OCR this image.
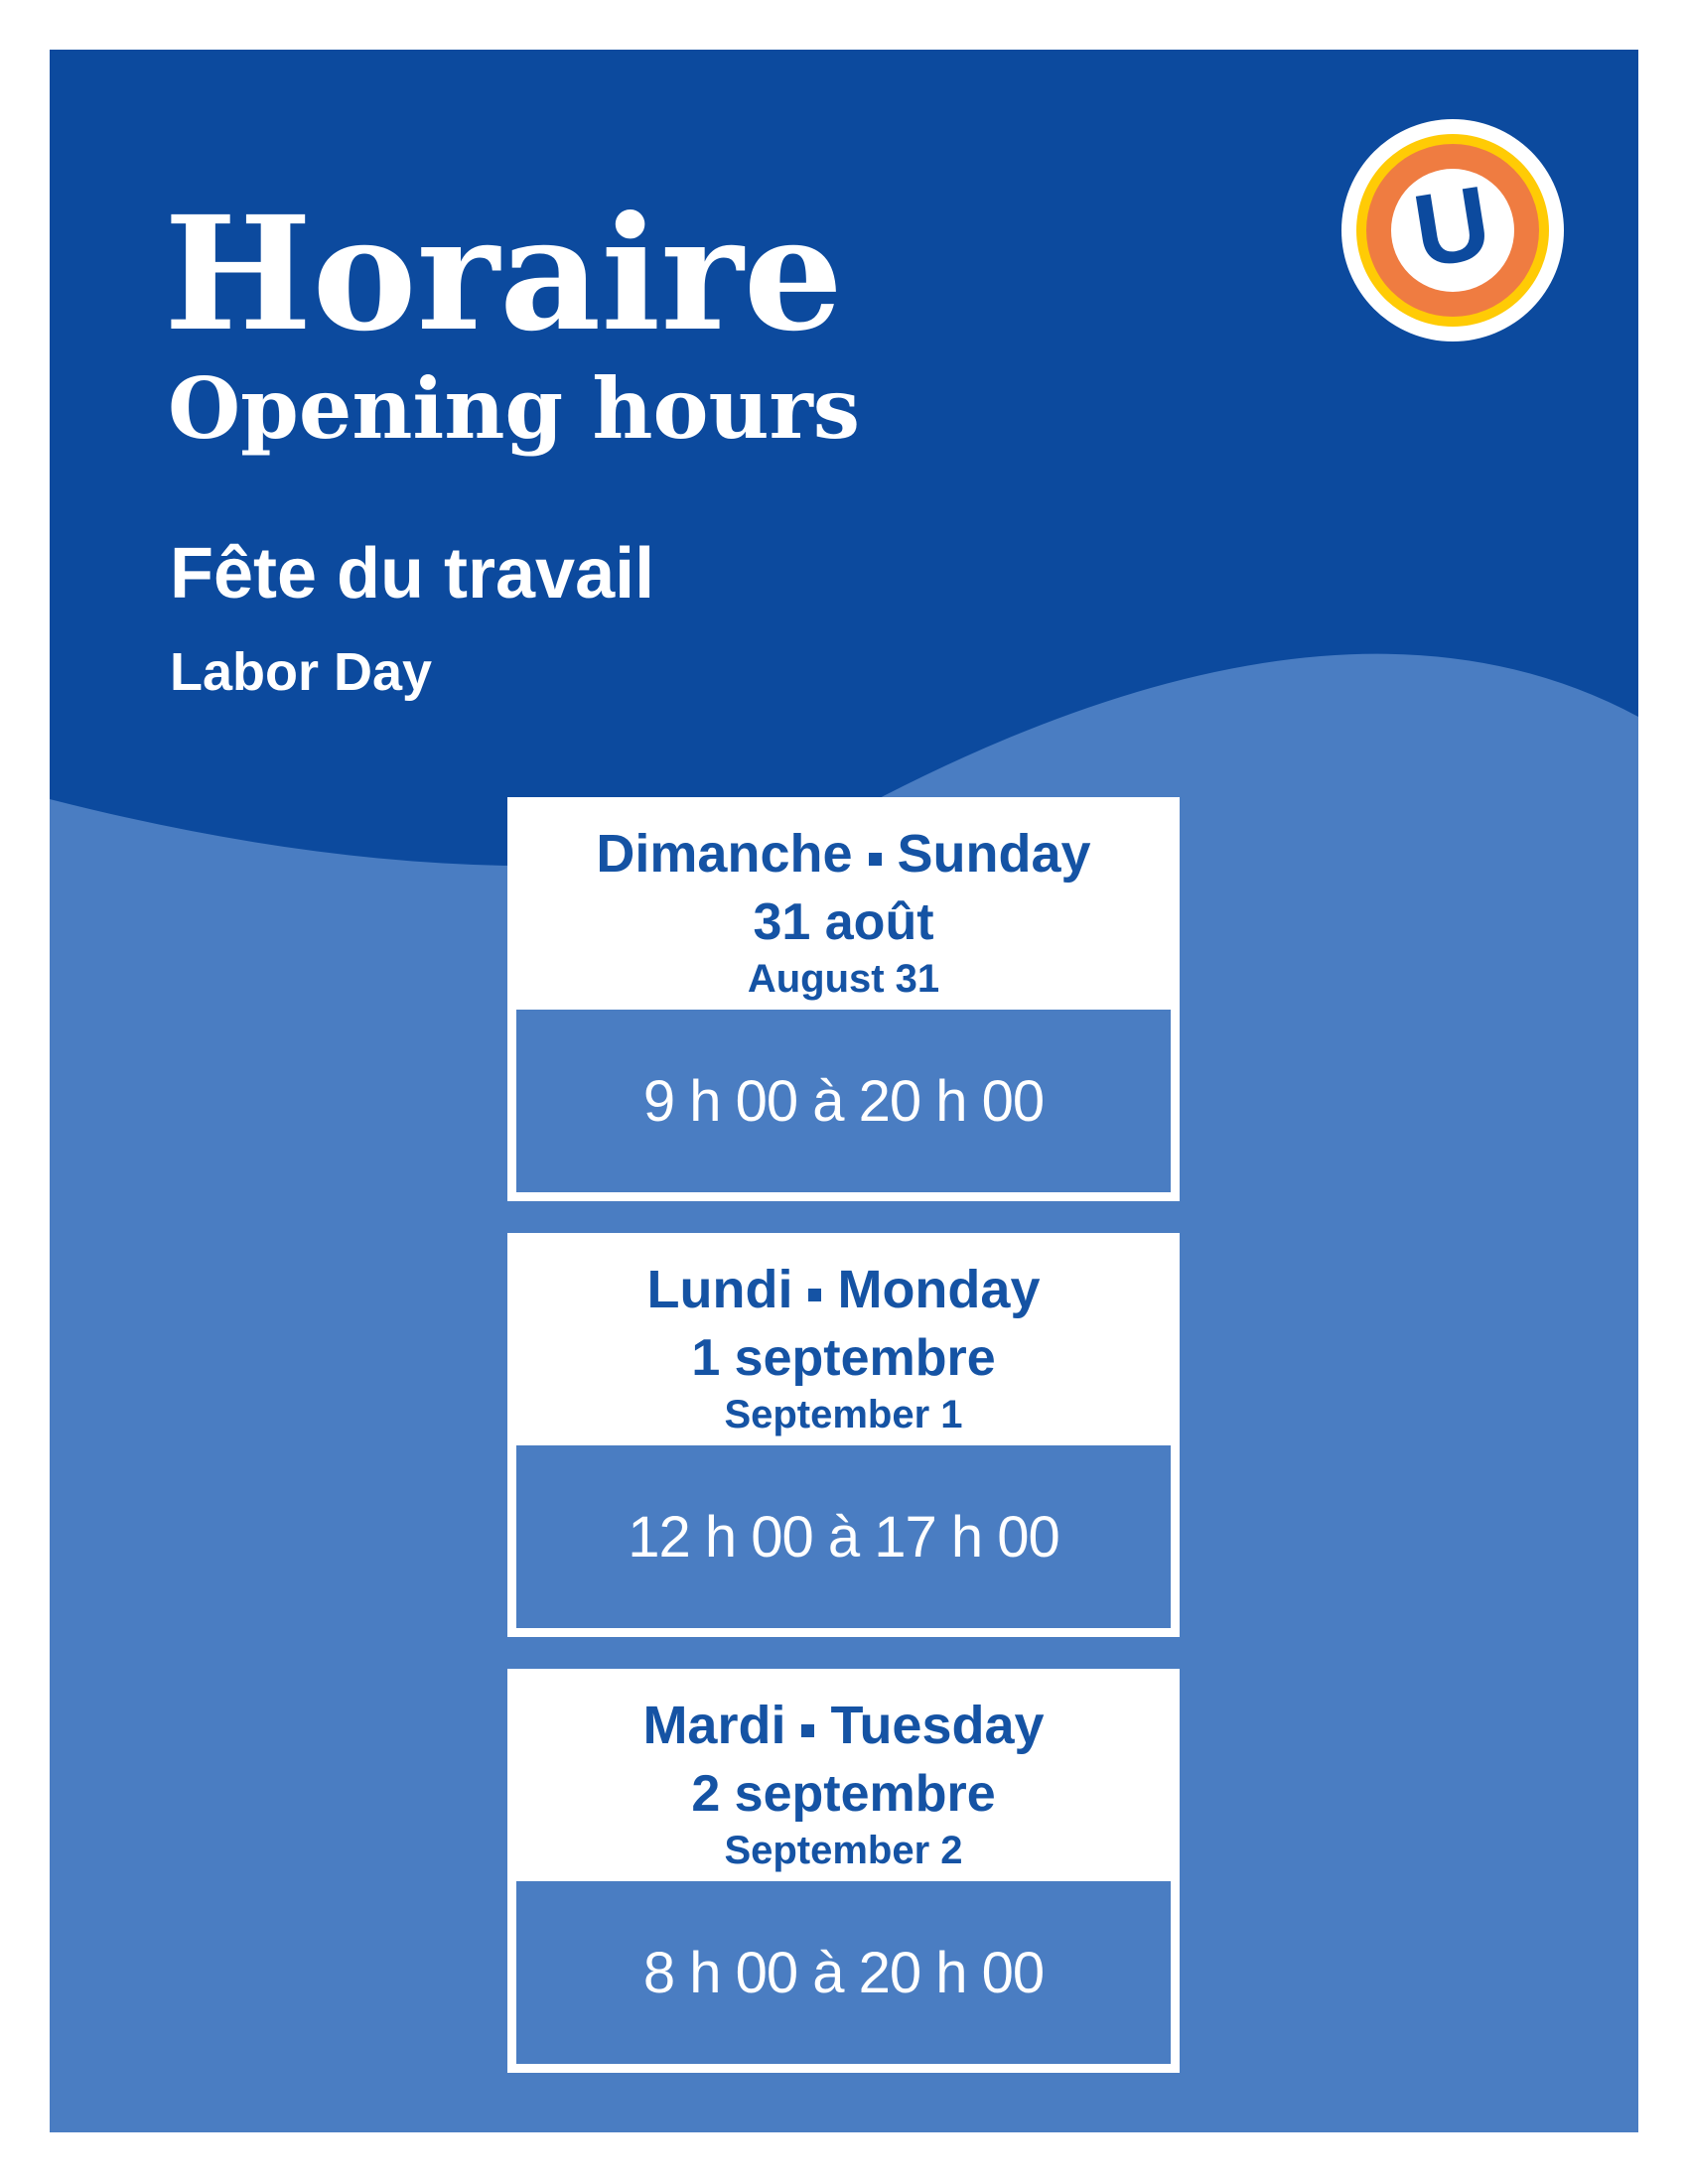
U
Horaire
Opening hours
Fête du travail
Labor Day
Dimanche Sunday
31 août
August 31
9 h 00 à 20 h 00
Lundi Monday
1 septembre
September 1
12 h 00 à 17 h 00
Mardi Tuesday
2 septembre
September 2
8 h 00 à 20 h 00
